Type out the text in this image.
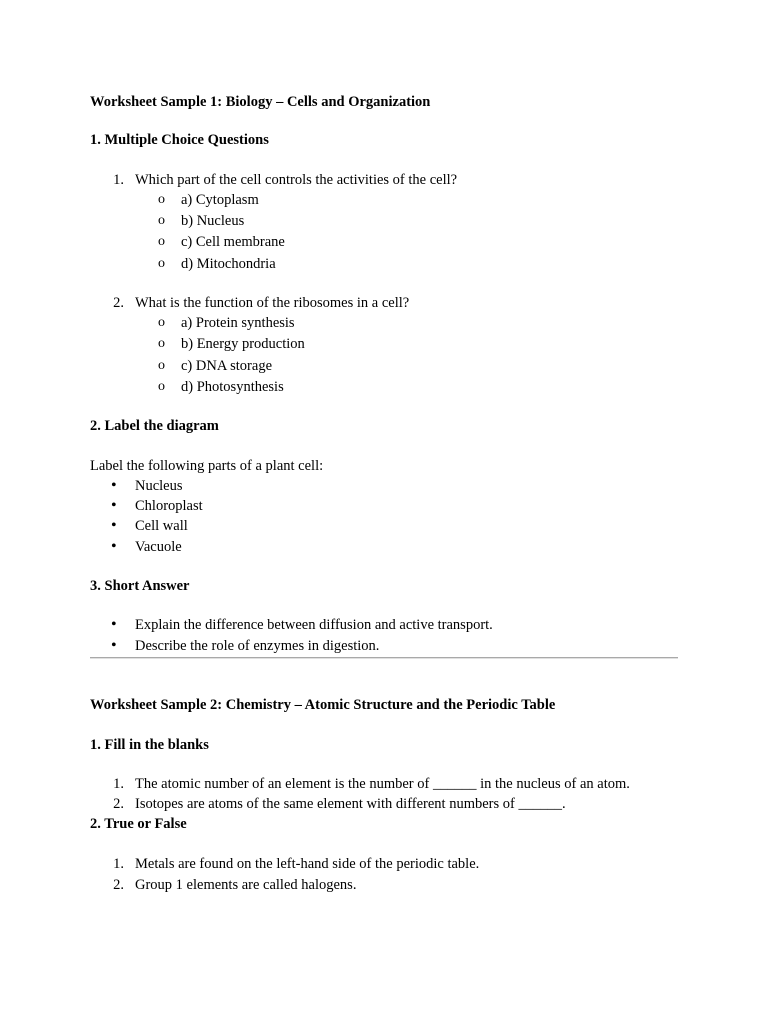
Worksheet Sample 1: Biology – Cells and Organization
1. Multiple Choice Questions
1. Which part of the cell controls the activities of the cell?
o a) Cytoplasm
o b) Nucleus
o c) Cell membrane
o d) Mitochondria
2. What is the function of the ribosomes in a cell?
o a) Protein synthesis
o b) Energy production
o c) DNA storage
o d) Photosynthesis
2. Label the diagram
Label the following parts of a plant cell:
• Nucleus
• Chloroplast
• Cell wall
• Vacuole
3. Short Answer
• Explain the difference between diffusion and active transport.
• Describe the role of enzymes in digestion.
Worksheet Sample 2: Chemistry – Atomic Structure and the Periodic Table
1. Fill in the blanks
1. The atomic number of an element is the number of ______ in the nucleus of an atom.
2. Isotopes are atoms of the same element with different numbers of ______.
2. True or False
1. Metals are found on the left-hand side of the periodic table.
2. Group 1 elements are called halogens.
